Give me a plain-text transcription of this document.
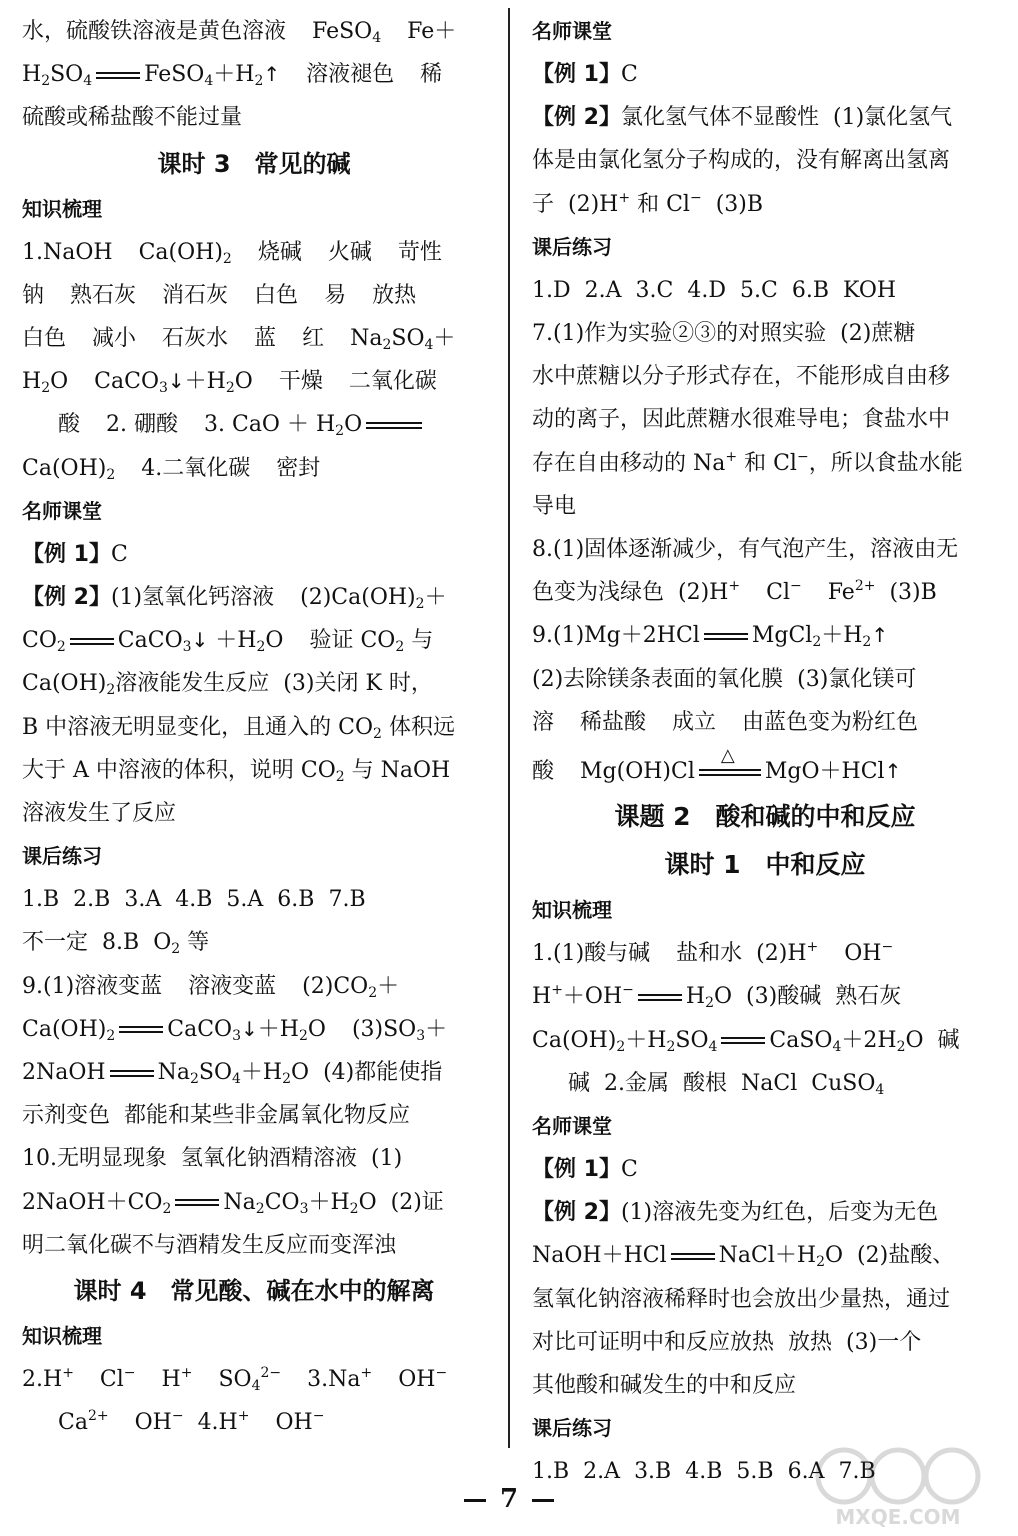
水，硫酸铁溶液是黄色溶液 FeSO$_4$ Fe＋

$H_2SO_4$ $FeSO_4+H_2↑$ 溶液褪色 稀

硫酸或稀盐酸不能过量

课时 3　常见的碱

知识梳理

1.NaOH $Ca(OH)_2$ 烧碱 火碱 苛性

钠 熟石灰 消石灰 白色 易 放热

白色 减小 石灰水 蓝 红 $Na_2SO_4+$

$H_2O$ $CaCO_3↓+H_2O$ 干燥 二氧化碳

酸 2. 硼酸 3. CaO ＋ $H_2O$

$Ca(OH)_2$ 4.二氧化碳 密封

名师课堂

【例 1】C

【例 2】(1)氢氧化钙溶液 $(2)Ca(OH)_2+$

$CO_2$ CaCO$_3$↓ $+H_2O$ 验证 $CO_2$ 与

$Ca(OH)_2$溶液能发生反应 (3)关闭 K 时，

B 中溶液无明显变化，且通入的 $CO_2$ 体积远

大于 A 中溶液的体积，说明 $CO_2$ 与 NaOH

溶液发生了反应

课后练习

1.B 2.B 3.A 4.B 5.A 6.B 7.B

不一定 8.B $O_2$ 等

9.(1)溶液变蓝 溶液变蓝 $(2)CO_2+$

$Ca(OH)_2$ $CaCO_3↓+H_2O$ $(3)SO_3+$

2NaOH $Na_2SO_4+H_2O$ (4)都能使指

示剂变色 都能和某些非金属氧化物反应

10.无明显现象 氢氧化钠酒精溶液 (1)

$2NaOH+CO_2$ $Na_2CO_3+H_2O$ (2)证

明二氧化碳不与酒精发生反应而变浑浊

课时 4　常见酸、碱在水中的解离

知识梳理

2.H+ Cl− H+ $SO_4^{2-}$ 3.Na+ OH−

$Ca^{2+}$ OH− 4.H+ OH−

名师课堂

【例 1】C

【例 2】氯化氢气体不显酸性 (1)氯化氢气

体是由氯化氢分子构成的，没有解离出氢离

子 (2)H+ 和 Cl− (3)B

课后练习

1.D 2.A 3.C 4.D 5.C 6.B KOH

7.(1)作为实验②③的对照实验 (2)蔗糖

水中蔗糖以分子形式存在，不能形成自由移

动的离子，因此蔗糖水很难导电；食盐水中

存在自由移动的 Na+ 和 Cl−，所以食盐水能

导电

8.(1)固体逐渐减少，有气泡产生，溶液由无

色变为浅绿色 (2)H+ Cl− $Fe^{2+}$ (3)B

9.(1)Mg＋2HCl $MgCl_2+H_2↑$

(2)去除镁条表面的氧化膜 (3)氯化镁可

溶 稀盐酸 成立 由蓝色变为粉红色

酸 Mg(OH)Cl
△
MgO＋HCl↑

课题 2　酸和碱的中和反应

课时 1　中和反应

知识梳理

1.(1)酸与碱 盐和水 (2)H+ OH−

H+＋OH− $H_2O$ (3)酸碱 熟石灰

$Ca(OH)_2+H_2SO_4$ $CaSO_4+2H_2O$ 碱

碱 2.金属 酸根 NaCl CuSO$_4$

名师课堂

【例 1】C

【例 2】(1)溶液先变为红色，后变为无色

NaOH＋HCl $NaCl+H_2O$ (2)盐酸、

氢氧化钠溶液稀释时也会放出少量热，通过

对比可证明中和反应放热 放热 (3)一个

其他酸和碱发生的中和反应

课后练习

1.B 2.A 3.B 4.B 5.B 6.A 7.B

7
MXQE.COM
